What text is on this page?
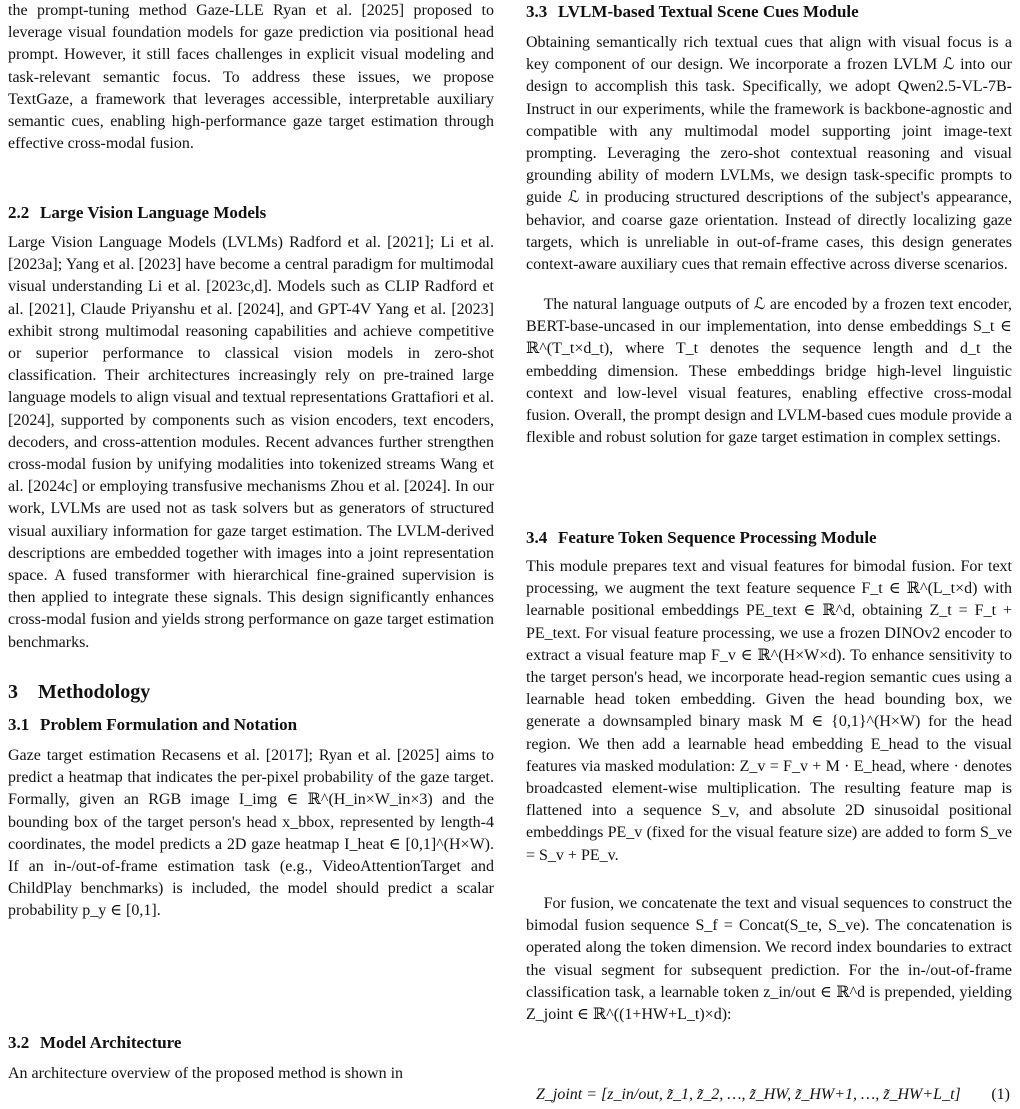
the prompt-tuning method Gaze-LLE Ryan et al. [2025] proposed to leverage visual foundation models for gaze prediction via positional head prompt. However, it still faces challenges in explicit visual modeling and task-relevant semantic focus. To address these issues, we propose TextGaze, a framework that leverages accessible, interpretable auxiliary semantic cues, enabling high-performance gaze target estimation through effective cross-modal fusion.

2.2 Large Vision Language Models

Large Vision Language Models (LVLMs) Radford et al. [2021]; Li et al. [2023a]; Yang et al. [2023] have become a central paradigm for multimodal visual understanding Li et al. [2023c,d]. Models such as CLIP Radford et al. [2021], Claude Priyanshu et al. [2024], and GPT-4V Yang et al. [2023] exhibit strong multimodal reasoning capabilities and achieve competitive or superior performance to classical vision models in zero-shot classification. Their architectures increasingly rely on pre-trained large language models to align visual and textual representations Grattafiori et al. [2024], supported by components such as vision encoders, text encoders, decoders, and cross-attention modules. Recent advances further strengthen cross-modal fusion by unifying modalities into tokenized streams Wang et al. [2024c] or employing transfusive mechanisms Zhou et al. [2024]. In our work, LVLMs are used not as task solvers but as generators of structured visual auxiliary information for gaze target estimation. The LVLM-derived descriptions are embedded together with images into a joint representation space. A fused transformer with hierarchical fine-grained supervision is then applied to integrate these signals. This design significantly enhances cross-modal fusion and yields strong performance on gaze target estimation benchmarks.

3 Methodology
3.1 Problem Formulation and Notation

Gaze target estimation Recasens et al. [2017]; Ryan et al. [2025] aims to predict a heatmap that indicates the per-pixel probability of the gaze target. Formally, given an RGB image I_img ∈ ℝ^(H_in×W_in×3) and the bounding box of the target person's head x_bbox, represented by length-4 coordinates, the model predicts a 2D gaze heatmap I_heat ∈ [0,1]^(H×W). If an in-/out-of-frame estimation task (e.g., VideoAttentionTarget and ChildPlay benchmarks) is included, the model should predict a scalar probability p_y ∈ [0,1].

3.2 Model Architecture

An architecture overview of the proposed method is shown in

3.3 LVLM-based Textual Scene Cues Module

Obtaining semantically rich textual cues that align with visual focus is a key component of our design. We incorporate a frozen LVLM ℒ into our design to accomplish this task. Specifically, we adopt Qwen2.5-VL-7B-Instruct in our experiments, while the framework is backbone-agnostic and compatible with any multimodal model supporting joint image-text prompting. Leveraging the zero-shot contextual reasoning and visual grounding ability of modern LVLMs, we design task-specific prompts to guide ℒ in producing structured descriptions of the subject's appearance, behavior, and coarse gaze orientation. Instead of directly localizing gaze targets, which is unreliable in out-of-frame cases, this design generates context-aware auxiliary cues that remain effective across diverse scenarios.

The natural language outputs of ℒ are encoded by a frozen text encoder, BERT-base-uncased in our implementation, into dense embeddings S_t ∈ ℝ^(T_t×d_t), where T_t denotes the sequence length and d_t the embedding dimension. These embeddings bridge high-level linguistic context and low-level visual features, enabling effective cross-modal fusion. Overall, the prompt design and LVLM-based cues module provide a flexible and robust solution for gaze target estimation in complex settings.

3.4 Feature Token Sequence Processing Module

This module prepares text and visual features for bimodal fusion. For text processing, we augment the text feature sequence F_t ∈ ℝ^(L_t×d) with learnable positional embeddings PE_text ∈ ℝ^d, obtaining Z_t = F_t + PE_text. For visual feature processing, we use a frozen DINOv2 encoder to extract a visual feature map F_v ∈ ℝ^(H×W×d). To enhance sensitivity to the target person's head, we incorporate head-region semantic cues using a learnable head token embedding. Given the head bounding box, we generate a downsampled binary mask M ∈ {0,1}^(H×W) for the head region. We then add a learnable head embedding E_head to the visual features via masked modulation: Z_v = F_v + M · E_head, where · denotes broadcasted element-wise multiplication. The resulting feature map is flattened into a sequence S_v, and absolute 2D sinusoidal positional embeddings PE_v (fixed for the visual feature size) are added to form S_ve = S_v + PE_v.

For fusion, we concatenate the text and visual sequences to construct the bimodal fusion sequence S_f = Concat(S_te, S_ve). The concatenation is operated along the token dimension. We record index boundaries to extract the visual segment for subsequent prediction. For the in-/out-of-frame classification task, a learnable token z_in/out ∈ ℝ^d is prepended, yielding Z_joint ∈ ℝ^((1+HW+L_t)×d):

Z_joint = [z_in/out, z̃_1, z̃_2, …, z̃_HW, z̃_HW+1, …, z̃_HW+L_t] (1)
